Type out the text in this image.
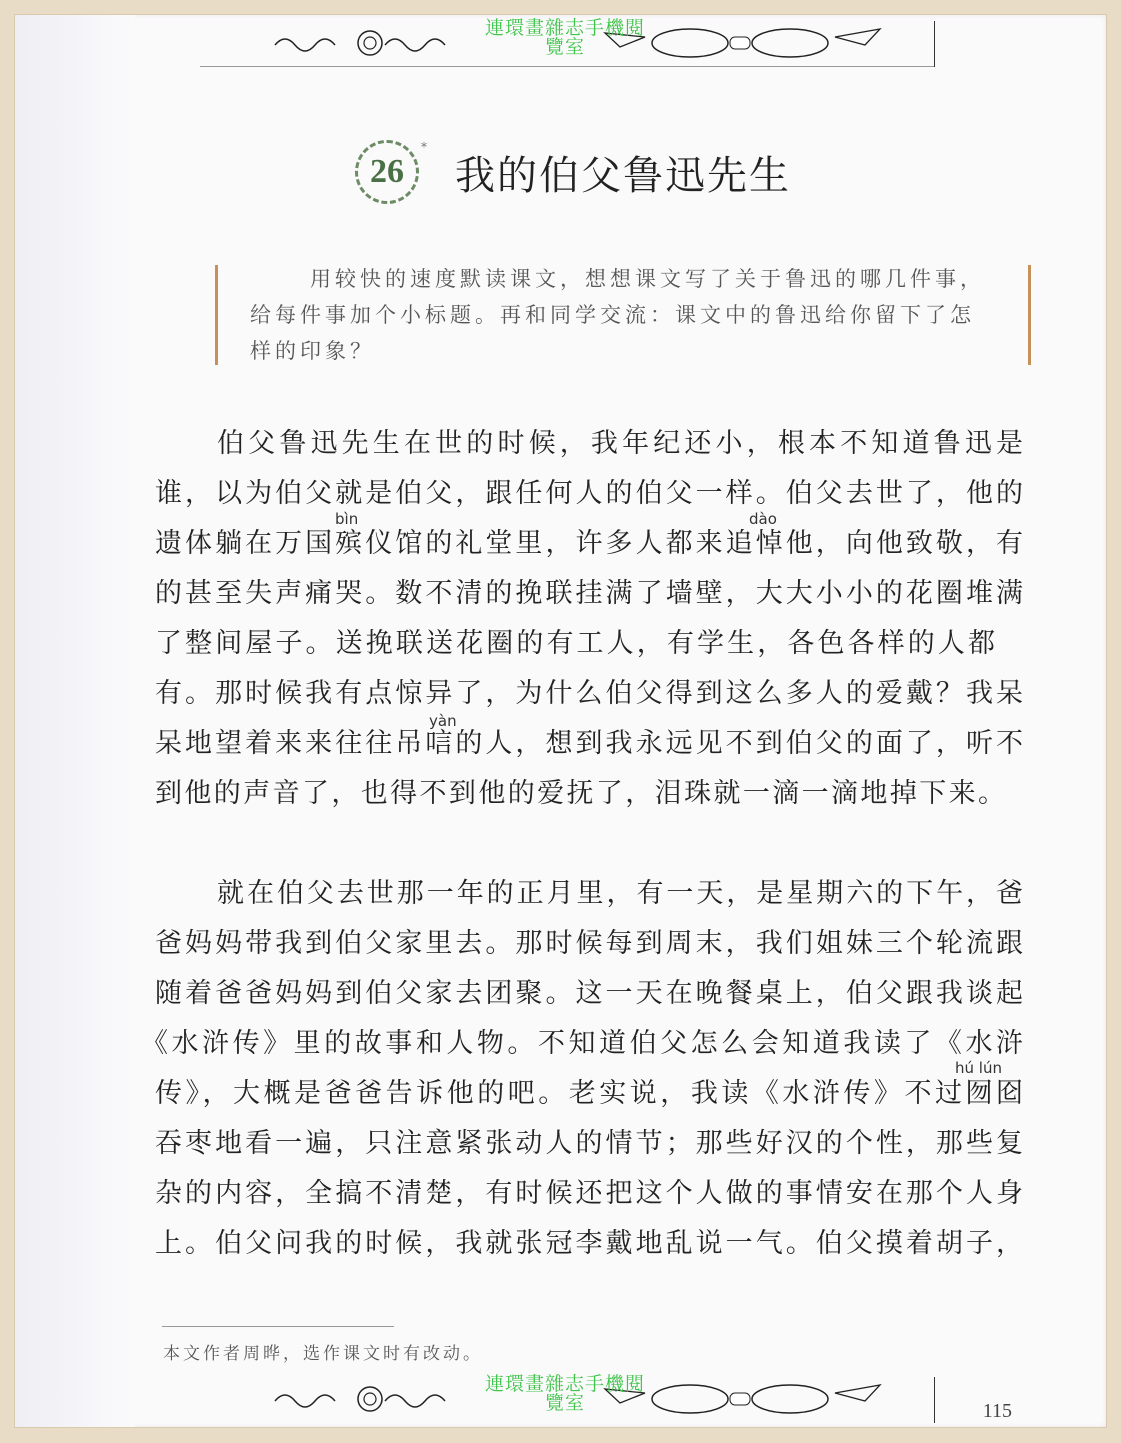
連環畫雜志手機閱
覽室
26
*
我的伯父鲁迅先生
用较快的速度默读课文，想想课文写了关于鲁迅的哪几件事，
给每件事加个小标题。再和同学交流：课文中的鲁迅给你留下了怎
样的印象？
伯父鲁迅先生在世的时候，我年纪还小，根本不知道鲁迅是
谁，以为伯父就是伯父，跟任何人的伯父一样。伯父去世了，他的
遗体躺在万国殡仪馆的礼堂里，许多人都来追悼他，向他致敬，有
的甚至失声痛哭。数不清的挽联挂满了墙壁，大大小小的花圈堆满
了整间屋子。送挽联送花圈的有工人，有学生，各色各样的人都
有。那时候我有点惊异了，为什么伯父得到这么多人的爱戴？我呆
呆地望着来来往往吊唁的人，想到我永远见不到伯父的面了，听不
到他的声音了，也得不到他的爱抚了，泪珠就一滴一滴地掉下来。
bìn	dào
yàn
就在伯父去世那一年的正月里，有一天，是星期六的下午，爸
爸妈妈带我到伯父家里去。那时候每到周末，我们姐妹三个轮流跟
随着爸爸妈妈到伯父家去团聚。这一天在晚餐桌上，伯父跟我谈起
《水浒传》里的故事和人物。不知道伯父怎么会知道我读了《水浒
传》，大概是爸爸告诉他的吧。老实说，我读《水浒传》不过囫囵
吞枣地看一遍，只注意紧张动人的情节；那些好汉的个性，那些复
杂的内容，全搞不清楚，有时候还把这个人做的事情安在那个人身
上。伯父问我的时候，我就张冠李戴地乱说一气。伯父摸着胡子，
hú lún
本文作者周晔，选作课文时有改动。
連環畫雜志手機閱
覽室	115
